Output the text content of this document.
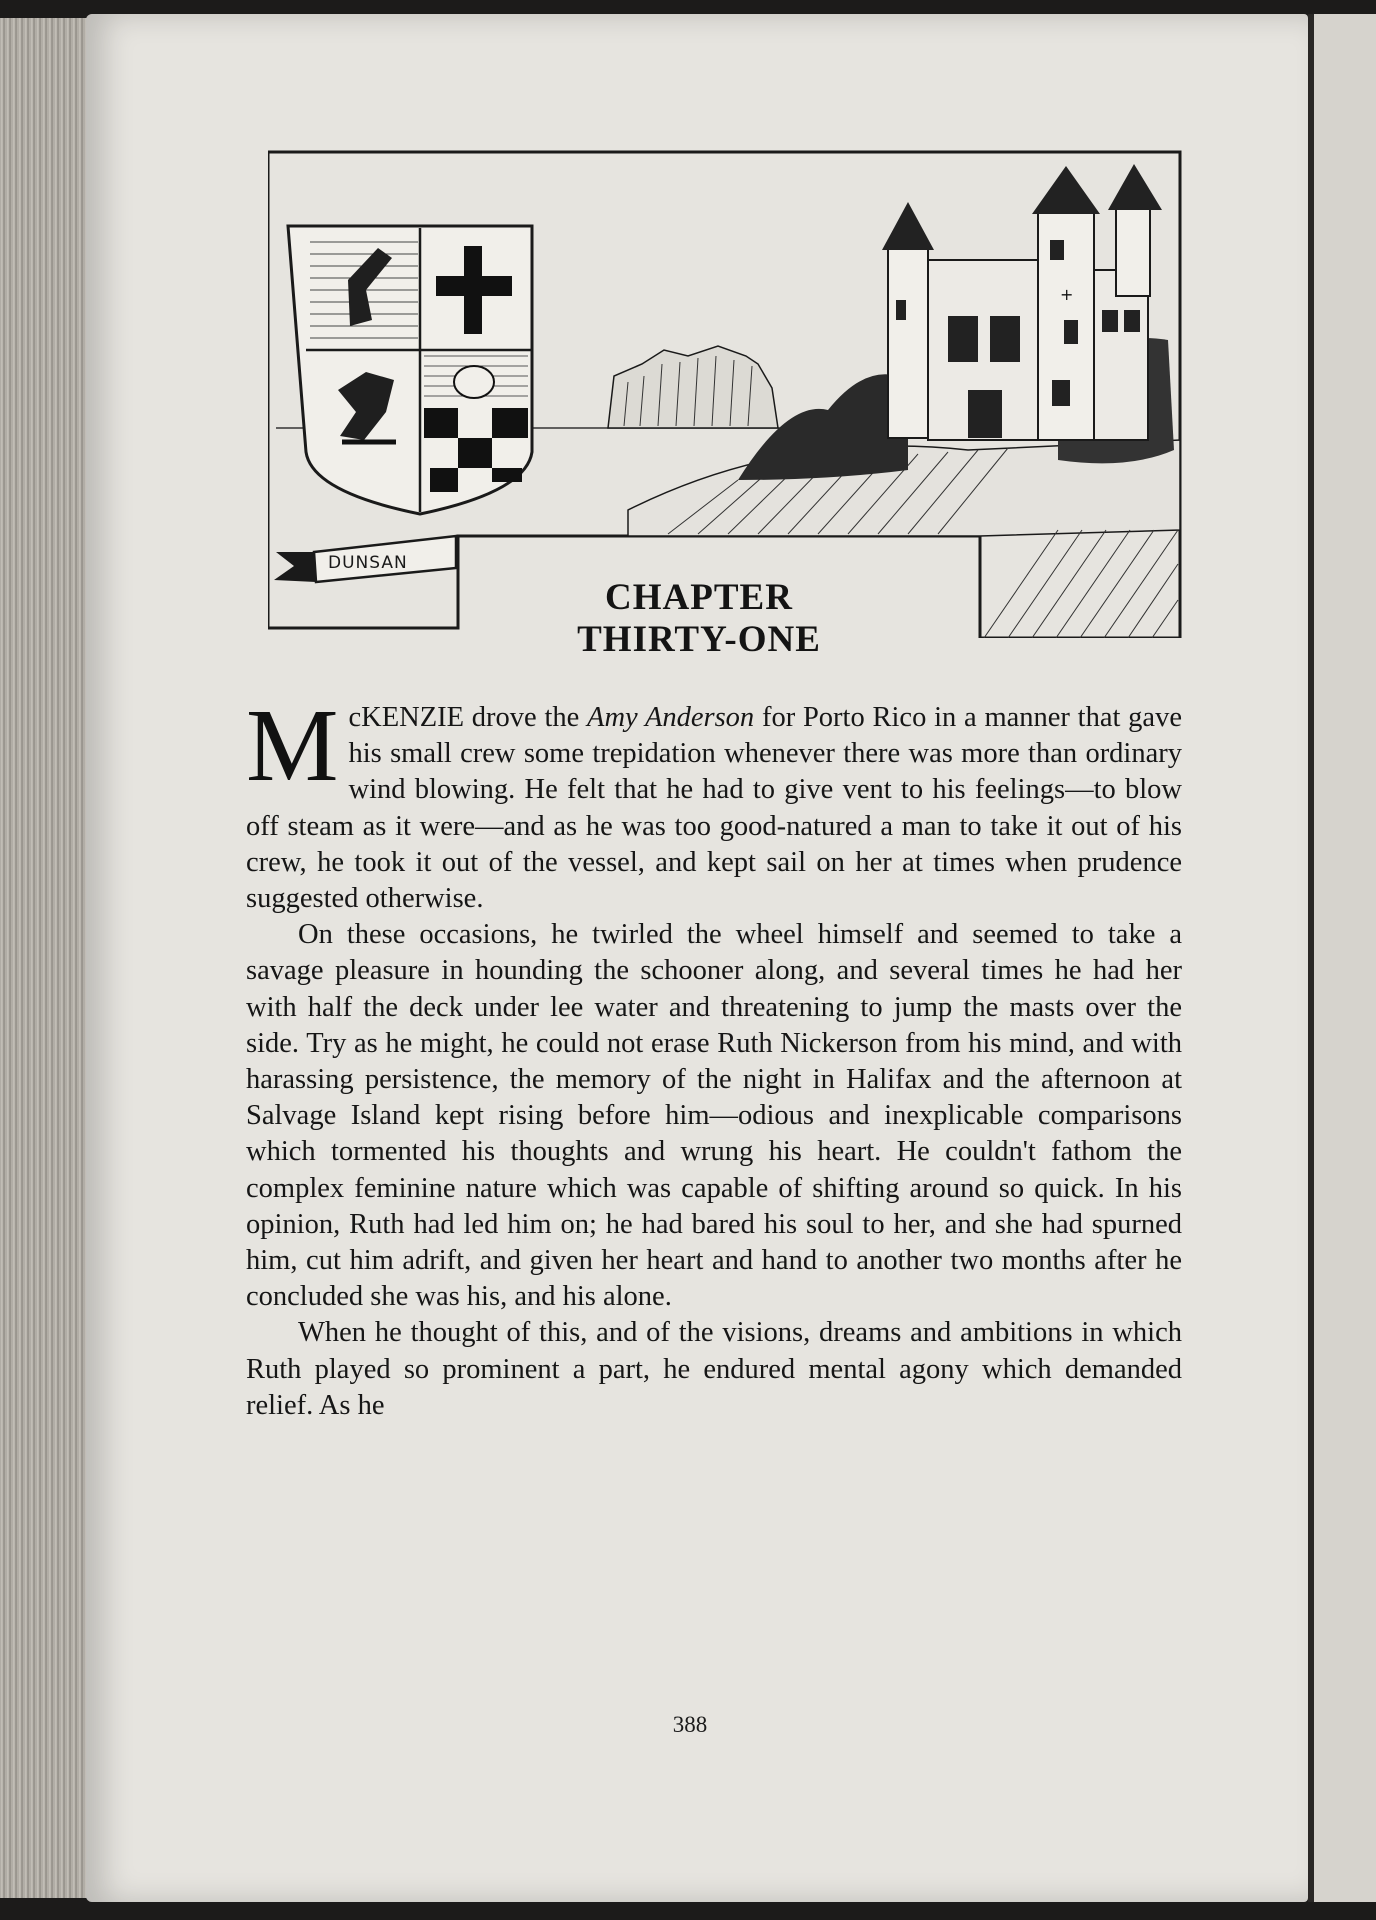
DUNSAN
+
CHAPTER
THIRTY-ONE

McKENZIE drove the Amy Anderson for Porto Rico in a manner that gave his small crew some trepidation whenever there was more than ordinary wind blowing. He felt that he had to give vent to his feelings—to blow off steam as it were—and as he was too good-natured a man to take it out of his crew, he took it out of the vessel, and kept sail on her at times when prudence suggested otherwise.

On these occasions, he twirled the wheel himself and seemed to take a savage pleasure in hounding the schooner along, and several times he had her with half the deck under lee water and threatening to jump the masts over the side. Try as he might, he could not erase Ruth Nickerson from his mind, and with harassing persistence, the memory of the night in Halifax and the afternoon at Salvage Island kept rising before him—odious and inexplicable comparisons which tormented his thoughts and wrung his heart. He couldn't fathom the complex feminine nature which was capable of shifting around so quick. In his opinion, Ruth had led him on; he had bared his soul to her, and she had spurned him, cut him adrift, and given her heart and hand to another two months after he concluded she was his, and his alone.

When he thought of this, and of the visions, dreams and ambitions in which Ruth played so prominent a part, he endured mental agony which demanded relief. As he

388
